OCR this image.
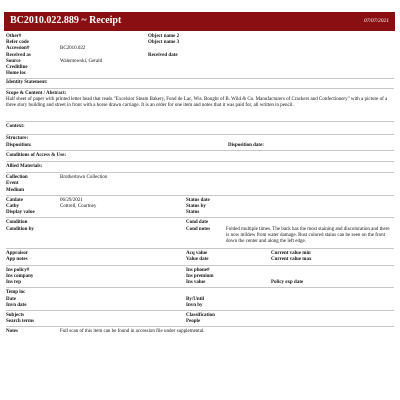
BC2010.022.889 ~ Receipt	07/07/2021
Other#	Object name 2
Refer code	Object name 3
Accession#	BC2010.022
Received as	Received date
Source	Walentowski, Gerald
Creditline
Home loc
Identity Statement:
Scope & Content / Abstract:
Half sheet of paper with printed letter head that reads "Excelsior Steam Bakery, Fond de Lac, Wis. Bought of B. Wild & Co. Manufacturers of Crackers and Confectionery" with a picture of a three story building and street in front with a horse drawn carriage. It is an order for one item and notes that it was paid for, all written in pencil.
Context:
Structure:
Disposition:	Disposition date:
Conditions of Access & Use:
Allied Materials:
Collection	Brothertown Collection
Event
Medium
Catdate	06/29/2021	Status date
Catby	Cottrell, Courtney	Status by
Display value	Status
Condition
Condition by
Cond date
Cond notes	Folded multiple times. The back has the most staining and discoloration and there is now mildew from water damage. Rust colored stains can be seen on the front down the center and along the left edge.
Appraisor	Acq value	Current value min
App notes	Value date	Current value max
Ins policy#	Ins phone#
Ins company	Ins premium
Ins rep	Ins value	Policy exp date
Temp loc
Date	By/Until
Invn date	Invn by
Subjects	Classification
Search terms	People
Notes	Full scan of this item can be found in accession file under supplemental.
